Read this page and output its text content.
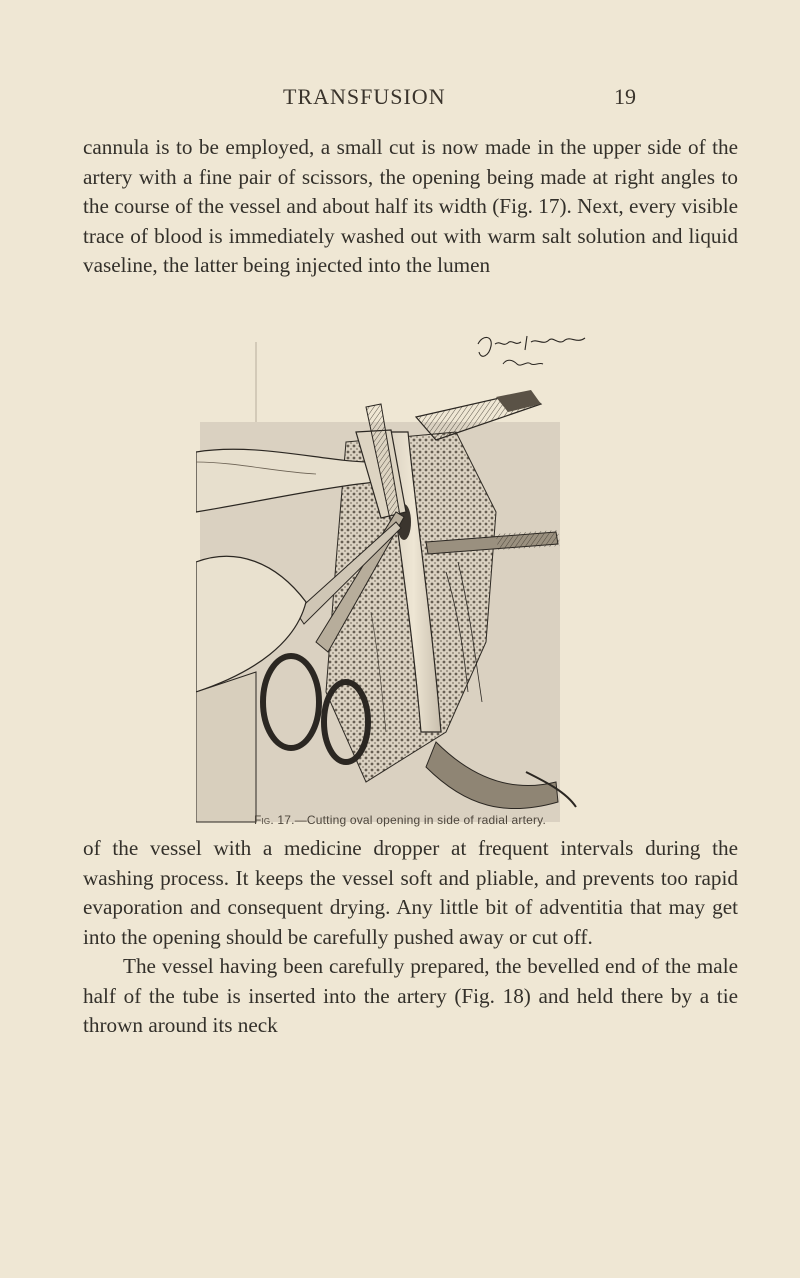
TRANSFUSION	19

cannula is to be employed, a small cut is now made in the upper side of the artery with a fine pair of scissors, the opening being made at right angles to the course of the vessel and about half its width (Fig. 17). Next, every visible trace of blood is immediately washed out with warm salt solution and liquid vaseline, the latter being injected into the lumen

Fig. 17.—Cutting oval opening in side of radial artery.

of the vessel with a medicine dropper at frequent intervals during the washing process. It keeps the vessel soft and pliable, and prevents too rapid evaporation and consequent drying. Any little bit of adventitia that may get into the opening should be carefully pushed away or cut off.

The vessel having been carefully prepared, the bevelled end of the male half of the tube is inserted into the artery (Fig. 18) and held there by a tie thrown around its neck
